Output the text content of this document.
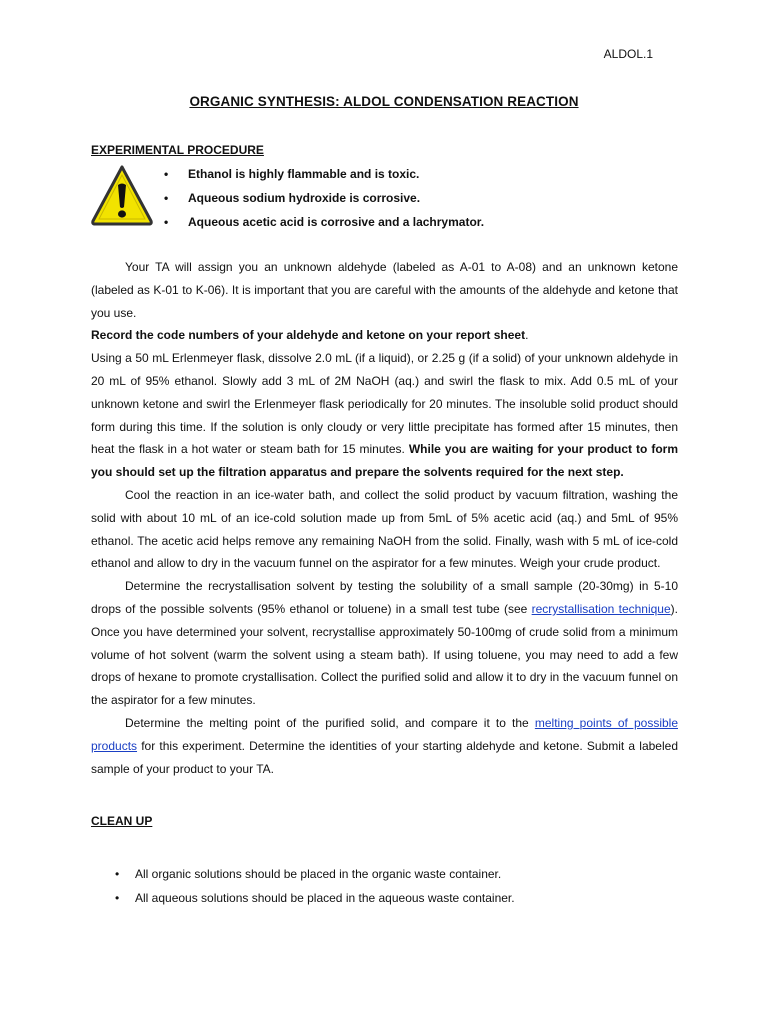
ALDOL.1
ORGANIC SYNTHESIS: ALDOL CONDENSATION REACTION
EXPERIMENTAL PROCEDURE
• Ethanol is highly flammable and is toxic.
• Aqueous sodium hydroxide is corrosive.
• Aqueous acetic acid is corrosive and a lachrymator.

Your TA will assign you an unknown aldehyde (labeled as A-01 to A-08) and an unknown ketone (labeled as K-01 to K-06). It is important that you are careful with the amounts of the aldehyde and ketone that you use.

Record the code numbers of your aldehyde and ketone on your report sheet.

Using a 50 mL Erlenmeyer flask, dissolve 2.0 mL (if a liquid), or 2.25 g (if a solid) of your unknown aldehyde in 20 mL of 95% ethanol. Slowly add 3 mL of 2M NaOH (aq.) and swirl the flask to mix. Add 0.5 mL of your unknown ketone and swirl the Erlenmeyer flask periodically for 20 minutes. The insoluble solid product should form during this time. If the solution is only cloudy or very little precipitate has formed after 15 minutes, then heat the flask in a hot water or steam bath for 15 minutes. While you are waiting for your product to form you should set up the filtration apparatus and prepare the solvents required for the next step.

Cool the reaction in an ice-water bath, and collect the solid product by vacuum filtration, washing the solid with about 10 mL of an ice-cold solution made up from 5mL of 5% acetic acid (aq.) and 5mL of 95% ethanol. The acetic acid helps remove any remaining NaOH from the solid. Finally, wash with 5 mL of ice-cold ethanol and allow to dry in the vacuum funnel on the aspirator for a few minutes. Weigh your crude product.

Determine the recrystallisation solvent by testing the solubility of a small sample (20-30mg) in 5-10 drops of the possible solvents (95% ethanol or toluene) in a small test tube (see recrystallisation technique). Once you have determined your solvent, recrystallise approximately 50-100mg of crude solid from a minimum volume of hot solvent (warm the solvent using a steam bath). If using toluene, you may need to add a few drops of hexane to promote crystallisation. Collect the purified solid and allow it to dry in the vacuum funnel on the aspirator for a few minutes.

Determine the melting point of the purified solid, and compare it to the melting points of possible products for this experiment. Determine the identities of your starting aldehyde and ketone. Submit a labeled sample of your product to your TA.

CLEAN UP
• All organic solutions should be placed in the organic waste container.
• All aqueous solutions should be placed in the aqueous waste container.
